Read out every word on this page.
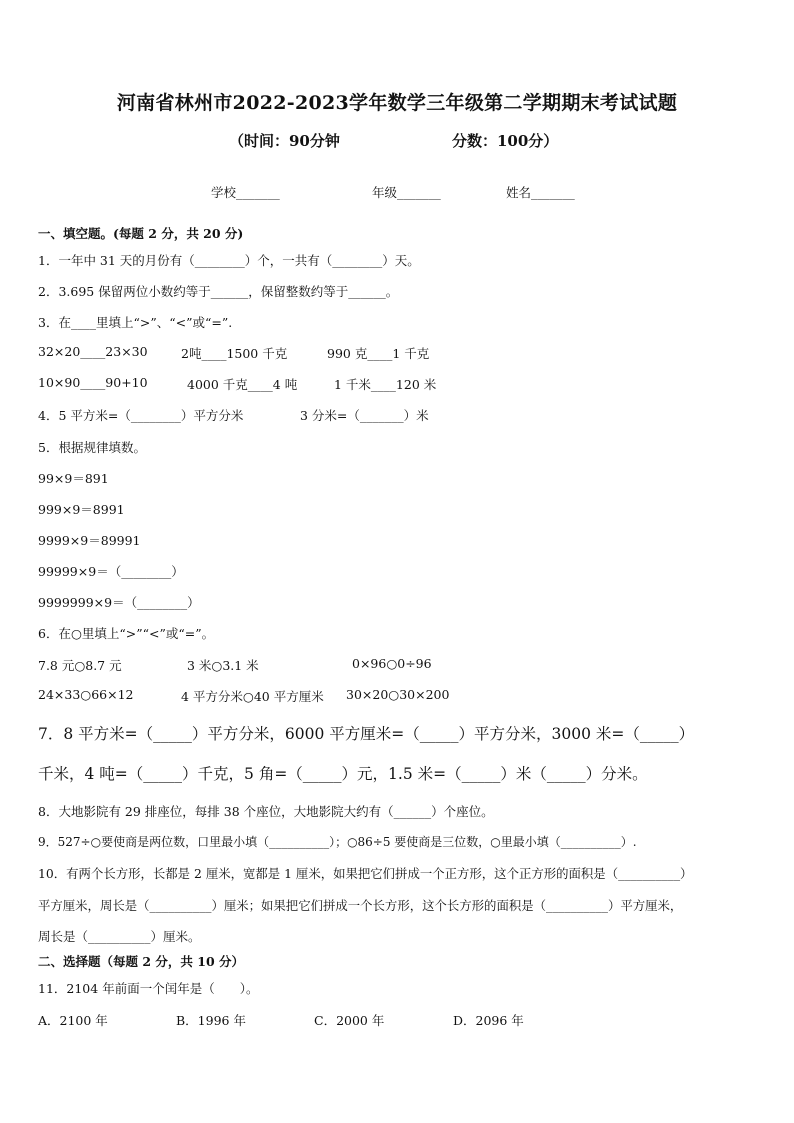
河南省林州市2022-2023学年数学三年级第二学期期末考试试题
（时间：90分钟	分数：100分）
学校_______	年级_______	姓名_______
一、填空题。(每题 2 分，共 20 分)
1．一年中 31 天的月份有（________）个，一共有（________）天。
2．3.695 保留两位小数约等于______，保留整数约等于______。
3．在____里填上“>”、“<”或“=”.
32×20____23×30	2吨____1500 千克	990 克____1 千克
10×90____90+10	4000 千克____4 吨	1 千米____120 米
4．5 平方米=（________）平方分米	3 分米=（_______）米
5．根据规律填数。
99×9＝891
999×9＝8991
9999×9＝89991
99999×9＝（________）
9999999×9＝（________）
6．在○里填上“>”“<”或“=”。
7.8 元○8.7 元	3 米○3.1 米	0×96○0÷96
24×33○66×12	4 平方分米○40 平方厘米 30×20○30×200
7．8 平方米=（_____）平方分米，6000 平方厘米=（_____）平方分米，3000 米=（_____）
千米，4 吨=（_____）千克，5 角=（_____）元，1.5 米=（_____）米（_____）分米。
8．大地影院有 29 排座位，每排 38 个座位，大地影院大约有（______）个座位。
9．527÷○要使商是两位数，口里最小填（__________）；○86÷5 要使商是三位数，○里最小填（__________）.
10．有两个长方形，长都是 2 厘米，宽都是 1 厘米，如果把它们拼成一个正方形，这个正方形的面积是（__________）
平方厘米，周长是（__________）厘米；如果把它们拼成一个长方形，这个长方形的面积是（__________）平方厘米，
周长是（__________）厘米。
二、选择题（每题 2 分，共 10 分）
11．2104 年前面一个闰年是（　　）。
A．2100 年	B．1996 年	C．2000 年	D．2096 年
